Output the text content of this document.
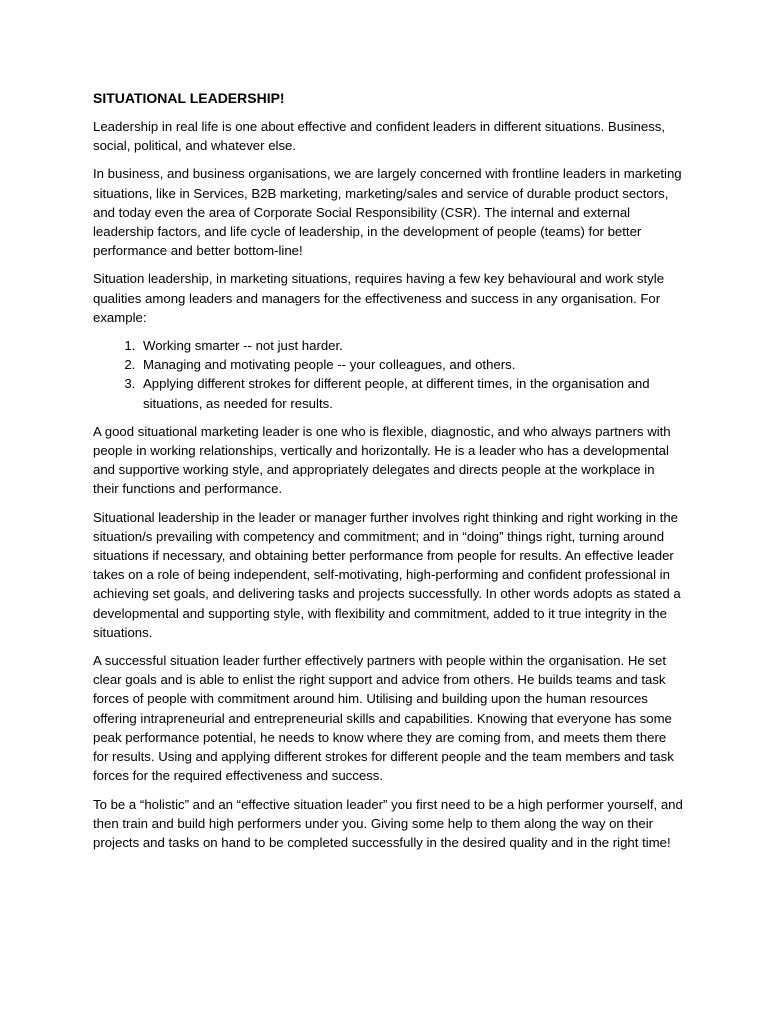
SITUATIONAL LEADERSHIP!

Leadership in real life is one about effective and confident leaders in different situations. Business, social, political, and whatever else.

In business, and business organisations, we are largely concerned with frontline leaders in marketing situations, like in Services, B2B marketing, marketing/sales and service of durable product sectors, and today even the area of Corporate Social Responsibility (CSR). The internal and external leadership factors, and life cycle of leadership, in the development of people (teams) for better performance and better bottom-line!

Situation leadership, in marketing situations, requires having a few key behavioural and work style qualities among leaders and managers for the effectiveness and success in any organisation. For example:

1. Working smarter -- not just harder.
2. Managing and motivating people -- your colleagues, and others.
3. Applying different strokes for different people, at different times, in the organisation and situations, as needed for results.

A good situational marketing leader is one who is flexible, diagnostic, and who always partners with people in working relationships, vertically and horizontally. He is a leader who has a developmental and supportive working style, and appropriately delegates and directs people at the workplace in their functions and performance.

Situational leadership in the leader or manager further involves right thinking and right working in the situation/s prevailing with competency and commitment; and in “doing” things right, turning around situations if necessary, and obtaining better performance from people for results. An effective leader takes on a role of being independent, self-motivating, high-performing and confident professional in achieving set goals, and delivering tasks and projects successfully. In other words adopts as stated a developmental and supporting style, with flexibility and commitment, added to it true integrity in the situations.

A successful situation leader further effectively partners with people within the organisation. He set clear goals and is able to enlist the right support and advice from others. He builds teams and task forces of people with commitment around him. Utilising and building upon the human resources offering intrapreneurial and entrepreneurial skills and capabilities. Knowing that everyone has some peak performance potential, he needs to know where they are coming from, and meets them there for results. Using and applying different strokes for different people and the team members and task forces for the required effectiveness and success.

To be a “holistic” and an “effective situation leader” you first need to be a high performer yourself, and then train and build high performers under you. Giving some help to them along the way on their projects and tasks on hand to be completed successfully in the desired quality and in the right time!
